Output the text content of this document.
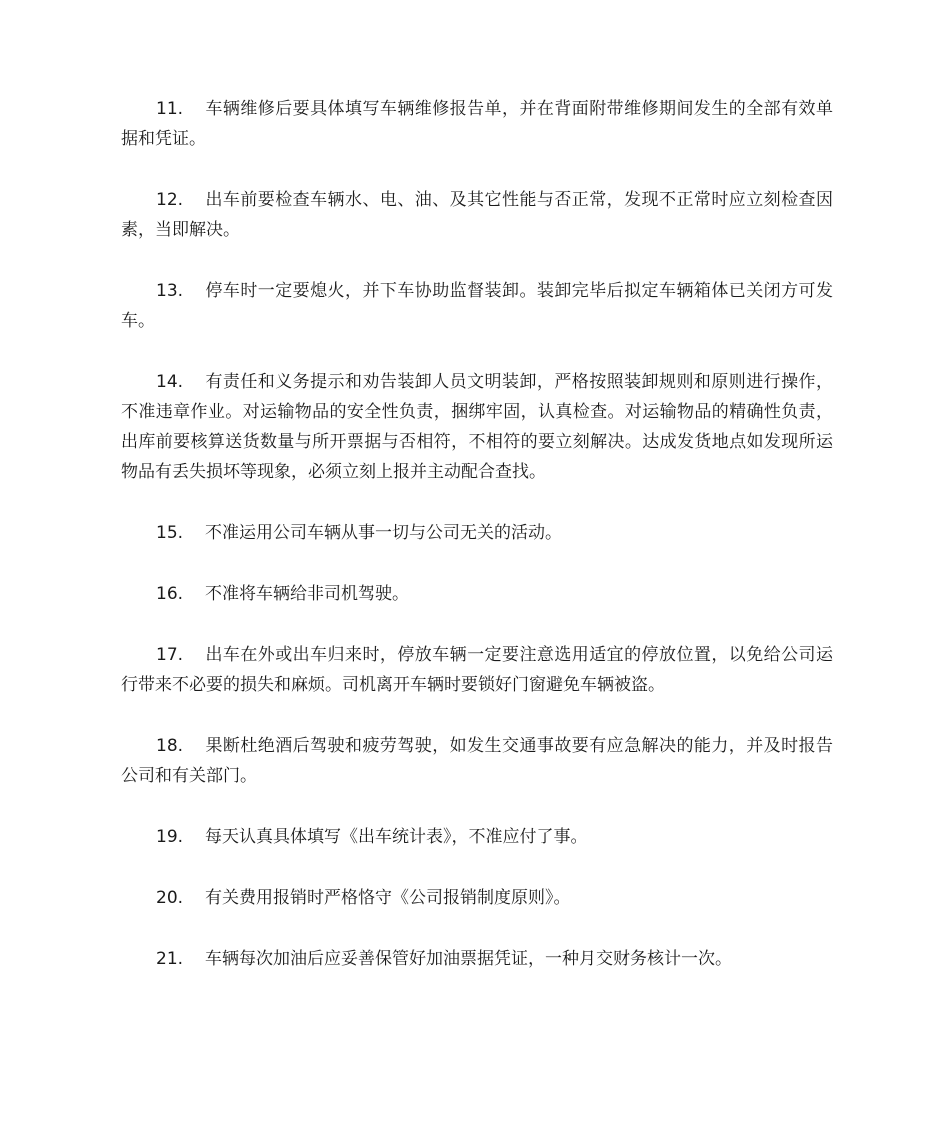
11. 车辆维修后要具体填写车辆维修报告单，并在背面附带维修期间发生的全部有效单据和凭证。

12. 出车前要检查车辆水、电、油、及其它性能与否正常，发现不正常时应立刻检查因素，当即解决。

13. 停车时一定要熄火，并下车协助监督装卸。装卸完毕后拟定车辆箱体已关闭方可发车。

14. 有责任和义务提示和劝告装卸人员文明装卸，严格按照装卸规则和原则进行操作，不准违章作业。对运输物品的安全性负责，捆绑牢固，认真检查。对运输物品的精确性负责，出库前要核算送货数量与所开票据与否相符，不相符的要立刻解决。达成发货地点如发现所运物品有丢失损坏等现象，必须立刻上报并主动配合查找。

15. 不准运用公司车辆从事一切与公司无关的活动。

16. 不准将车辆给非司机驾驶。

17. 出车在外或出车归来时，停放车辆一定要注意选用适宜的停放位置，以免给公司运行带来不必要的损失和麻烦。司机离开车辆时要锁好门窗避免车辆被盗。

18. 果断杜绝酒后驾驶和疲劳驾驶，如发生交通事故要有应急解决的能力，并及时报告公司和有关部门。

19. 每天认真具体填写《出车统计表》，不准应付了事。

20. 有关费用报销时严格恪守《公司报销制度原则》。

21. 车辆每次加油后应妥善保管好加油票据凭证，一种月交财务核计一次。
